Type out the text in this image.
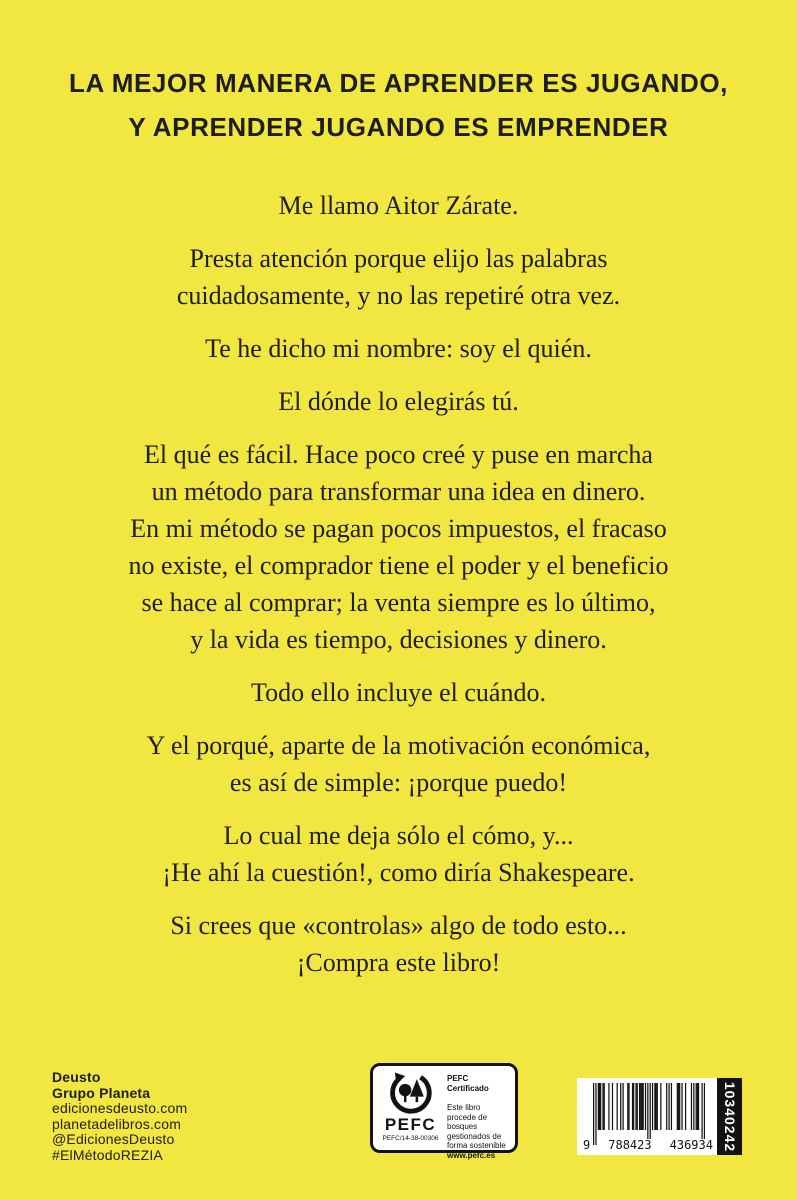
LA MEJOR MANERA DE APRENDER ES JUGANDO,
Y APRENDER JUGANDO ES EMPRENDER
Me llamo Aitor Zárate.
Presta atención porque elijo las palabras
cuidadosamente, y no las repetiré otra vez.
Te he dicho mi nombre: soy el quién.
El dónde lo elegirás tú.
El qué es fácil. Hace poco creé y puse en marcha
un método para transformar una idea en dinero.
En mi método se pagan pocos impuestos, el fracaso
no existe, el comprador tiene el poder y el beneficio
se hace al comprar; la venta siempre es lo último,
y la vida es tiempo, decisiones y dinero.
Todo ello incluye el cuándo.
Y el porqué, aparte de la motivación económica,
es así de simple: ¡porque puedo!
Lo cual me deja sólo el cómo, y...
¡He ahí la cuestión!, como diría Shakespeare.
Si crees que «controlas» algo de todo esto...
¡Compra este libro!
Deusto
Grupo Planeta
edicionesdeusto.com
planetadelibros.com
@EdicionesDeusto
#ElMétodoREZIA
PEFC
PEFC/14-38-00306
PEFC Certificado
Este libro procede de bosques gestionados de forma sostenible
www.pefc.es
9 788423 436934 10340242
